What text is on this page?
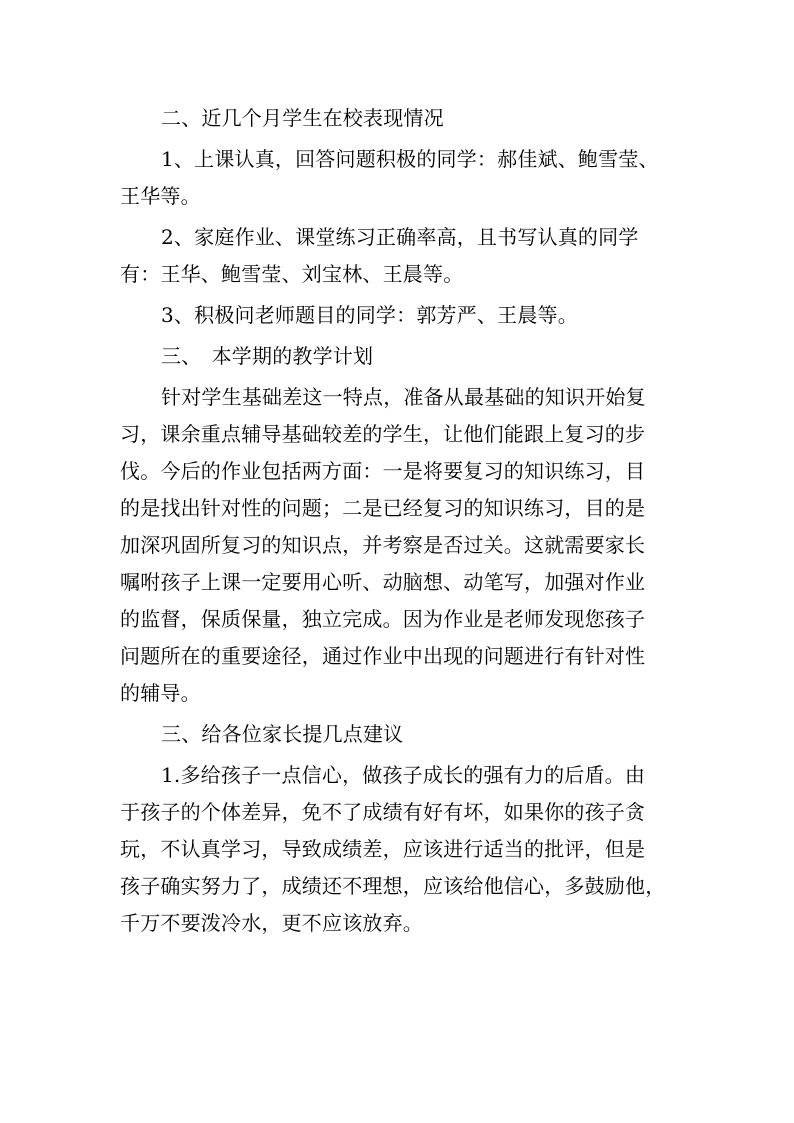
二、近几个月学生在校表现情况
1、上课认真，回答问题积极的同学：郝佳斌、鲍雪莹、
王华等。
2、家庭作业、课堂练习正确率高，且书写认真的同学
有：王华、鲍雪莹、刘宝林、王晨等。
3、积极问老师题目的同学：郭芳严、王晨等。
三、　本学期的教学计划
针对学生基础差这一特点，准备从最基础的知识开始复
习，课余重点辅导基础较差的学生，让他们能跟上复习的步
伐。今后的作业包括两方面：一是将要复习的知识练习，目
的是找出针对性的问题；二是已经复习的知识练习，目的是
加深巩固所复习的知识点，并考察是否过关。这就需要家长
嘱咐孩子上课一定要用心听、动脑想、动笔写，加强对作业
的监督，保质保量，独立完成。因为作业是老师发现您孩子
问题所在的重要途径，通过作业中出现的问题进行有针对性
的辅导。
三、给各位家长提几点建议
1.多给孩子一点信心，做孩子成长的强有力的后盾。由
于孩子的个体差异，免不了成绩有好有坏，如果你的孩子贪
玩，不认真学习，导致成绩差，应该进行适当的批评，但是
孩子确实努力了，成绩还不理想，应该给他信心，多鼓励他，
千万不要泼冷水，更不应该放弃。
